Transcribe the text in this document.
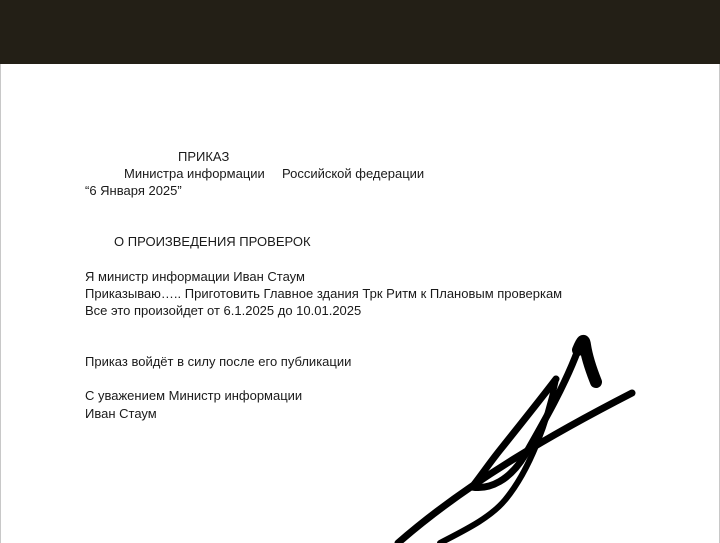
ПРИКАЗ
Министра информации Российской федерации
“6 Января 2025”
О ПРОИЗВЕДЕНИЯ ПРОВЕРОК
Я министр информации Иван Стаум
Приказываю….. Приготовить Главное здания Трк Ритм к Плановым проверкам
Все это произойдет от 6.1.2025 до 10.01.2025
Приказ войдёт в силу после его публикации
С уважением Министр информации
Иван Стаум
